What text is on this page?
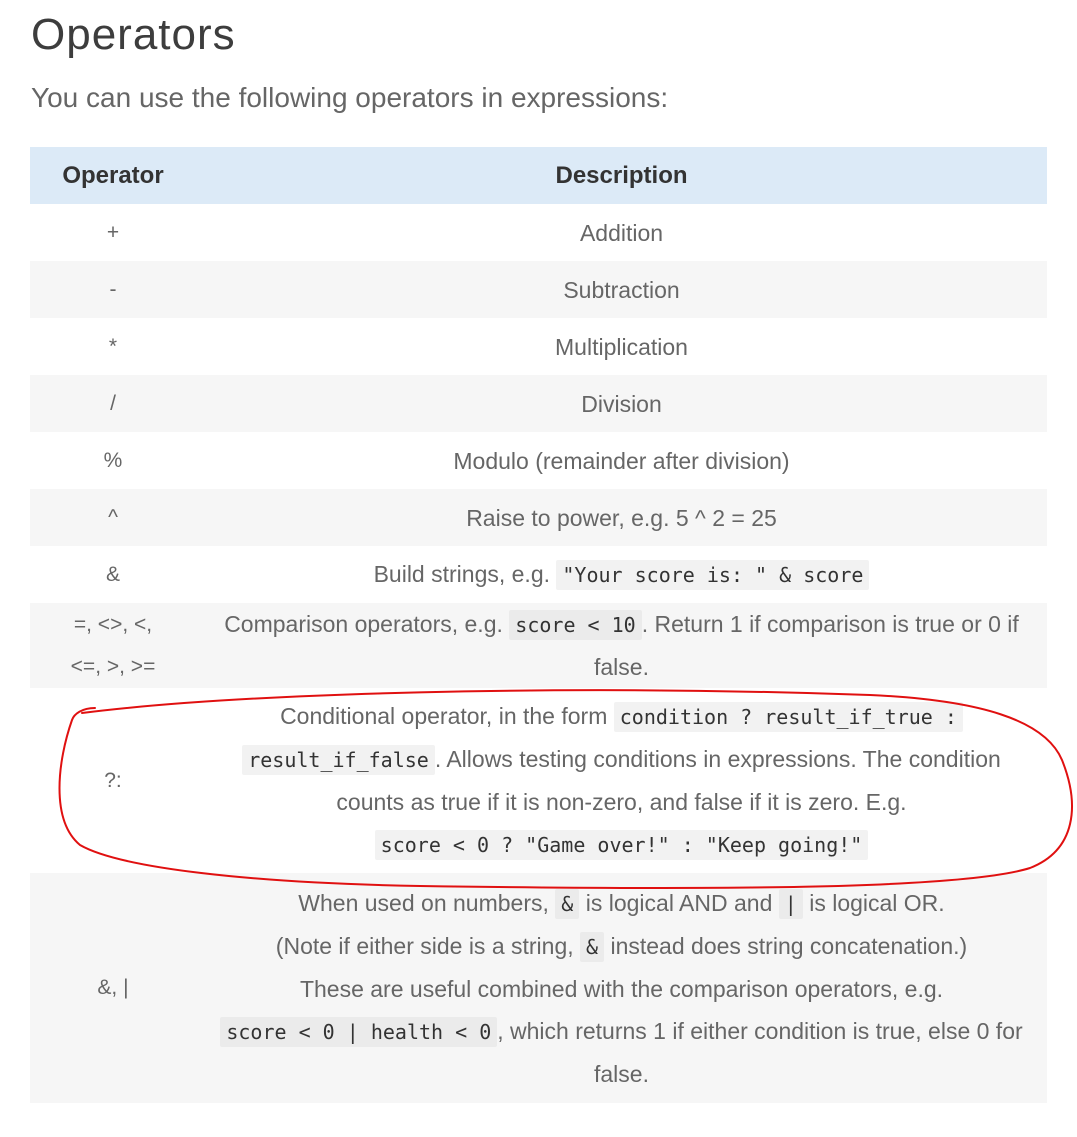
Operators

You can use the following operators in expressions:

Operator	Description
+	Addition
-	Subtraction
*	Multiplication
/	Division
%	Modulo (remainder after division)
^	Raise to power, e.g. 5 ^ 2 = 25
&	Build strings, e.g. "Your score is: " & score
=, <>, <,
<=, >, >=	Comparison operators, e.g. score < 10 . Return 1 if comparison is true or 0 if false.
?:	Conditional operator, in the form condition ? result_if_true :
result_if_false . Allows testing conditions in expressions. The condition counts as true if it is non-zero, and false if it is zero. E.g.
score < 0 ? "Game over!" : "Keep going!"
&, |	When used on numbers, & is logical AND and | is logical OR.
(Note if either side is a string, & instead does string concatenation.)
These are useful combined with the comparison operators, e.g.
score < 0 | health < 0 , which returns 1 if either condition is true, else 0 for false.
